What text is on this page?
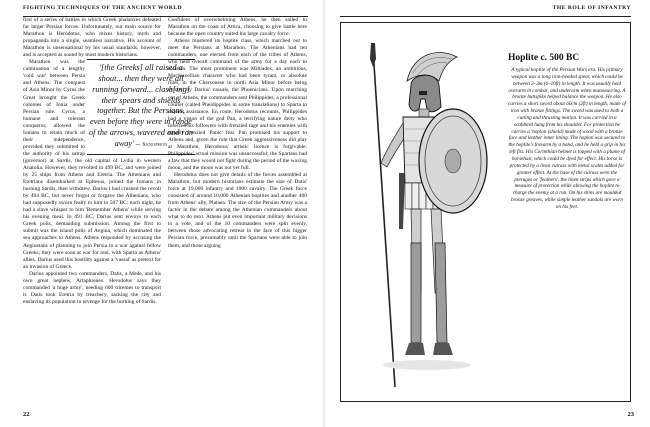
FIGHTING TECHNIQUES OF THE ANCIENT WORLD

first of a series of battles in which Greek phalanxes defeated far larger Persian forces. Unfortunately, our main source for Marathon is Herodotus, who mixes history, myth and propaganda into a single, seamless narrative. His account of Marathon is unsensational by his usual standards, however, and is accepted as sound by most modern historians.

'[the Greeks] all raised a shout... then they were all running forward... clash[ing] their spears and shields together. But the Persians, even before they were in range of the arrows, wavered and ran away' – Xenophon

Marathon was the culmination of a lengthy 'cold war' between Persia and Athens. The conquest of Asia Minor by Cyrus the Great brought the Greek colonies of Ionia under Persian rule. Cyrus, a humane and tolerant conqueror, allowed the Ionians to retain much of their independence, provided they submitted to the authority of his satrap (governor) at Sardis, the old capital of Lydia in western Anatolia. However, they revolted in 499 BC, and were joined by 25 ships from Athens and Eretria. The Athenians and Eretrians disembarked at Ephesus, joined the Ionians in burning Sardis, then withdrew. Darius I had crushed the revolt by 494 BC, but never forgot or forgave the Athenians, who had supposedly sworn fealty to him in 507 BC: each night, he had a slave whisper to him 'Remember Athens' while serving his evening meal. In 491 BC, Darius sent envoys to each Greek polis, demanding submission. Among the first to submit was the island polis of Aegina, which dominated the sea approaches to Athens. Athens responded by accusing the Aeginetans of planning to join Persia in a war against fellow Greeks; they were soon at war for real, with Sparta as Athens' allies. Darius used this hostility against a 'vassal' as pretext for an invasion of Greece.

Darius appointed two commanders, Datis, a Mede, and his own great nephew, Artaphrenes. Herodotus says they commanded 'a huge army', needing 600 triremes to transport it. Datis took Eretria by treachery, sacking the city and enslaving its population in revenge for the burning of Sardis.

Confident of overwhelming Athens, he then sailed to Marathon on the coast of Attica, choosing to give battle here because the open country suited his large cavalry force.

Athens mustered its hoplite class, which marched out to meet the Persians at Marathon. The Athenians had ten commanders, one elected from each of the tribes of Athens, who held overall command of the army for a day each in rotation. The most prominent was Miltiades, an ambitious, Machiavellian character who had been tyrant, or absolute ruler, in the Chersonese in north Asia Minor before being evicted by Darius' vassals, the Phoenicians. Upon marching out of Athens, the commanders sent Philippides, a professional courier (called Pheidippides in some translations) to Sparta to request assistance. En route, Herodotus recounts, Philippides had a vision of the god Pan, a terrifying nature deity who infected his followers with frenzied rage and his enemies with equally frenzied 'Panic' fear. Pan promised his support to Athens and, given the role that Greek aggressiveness did play at Marathon, Herodotus' artistic licence is forgivable. Philippides' actual mission was unsuccessful; the Spartans had a law that they would not fight during the period of the waxing moon, and the moon was not yet full.

Herodotus does not give details of the forces assembled at Marathon, but modern historians estimate the size of Datis' force at 19,000 infantry and 1000 cavalry. The Greek force consisted of around 10,000 Athenian hoplites and another 400 from Athens' ally, Plataea. The size of the Persian Army was a factor in the debate among the Athenian commanders about what to do next. Athens put even important military decisions to a vote, and of the 10 commanders were split evenly, between those advocating retreat in the face of this bigger Persian force, presumably until the Spartans were able to join them, and those arguing

22
THE ROLE OF INFANTRY
Hoplite c. 500 BC
A typical hoplite of the Persian Wars era. His primary weapon was a long iron-headed spear, which could be between 2–3m (6–10ft) in length. It was usually held overarm in combat, and underarm when manoeuvring. A bronze buttspike helped balance the weapon. He also carries a short sword about 60cm (2ft) in length, made of iron with bronze fittings. The sword was used to both a cutting and thrusting motion. It was carried in a scabbard hung from his shoulder. For protection he carries a 'hoplon (shield) made of wood with a bronze face and leather inner lining. The hoplon was secured to the hoplite's forearm by a band, and he held a grip in his left fist. His Corinthian helmet is topped with a plume of horsehair, which could be dyed for effect. His torso is protected by a linen cuirass with metal scales added for greater effect. At the base of the cuirass were the pteruges or 'feathers', the linen strips which gave a measure of protection while allowing the hoplite to charge the enemy at a run. On his shins are moulded bronze greaves, while simple leather sandals are worn on his feet.
23
